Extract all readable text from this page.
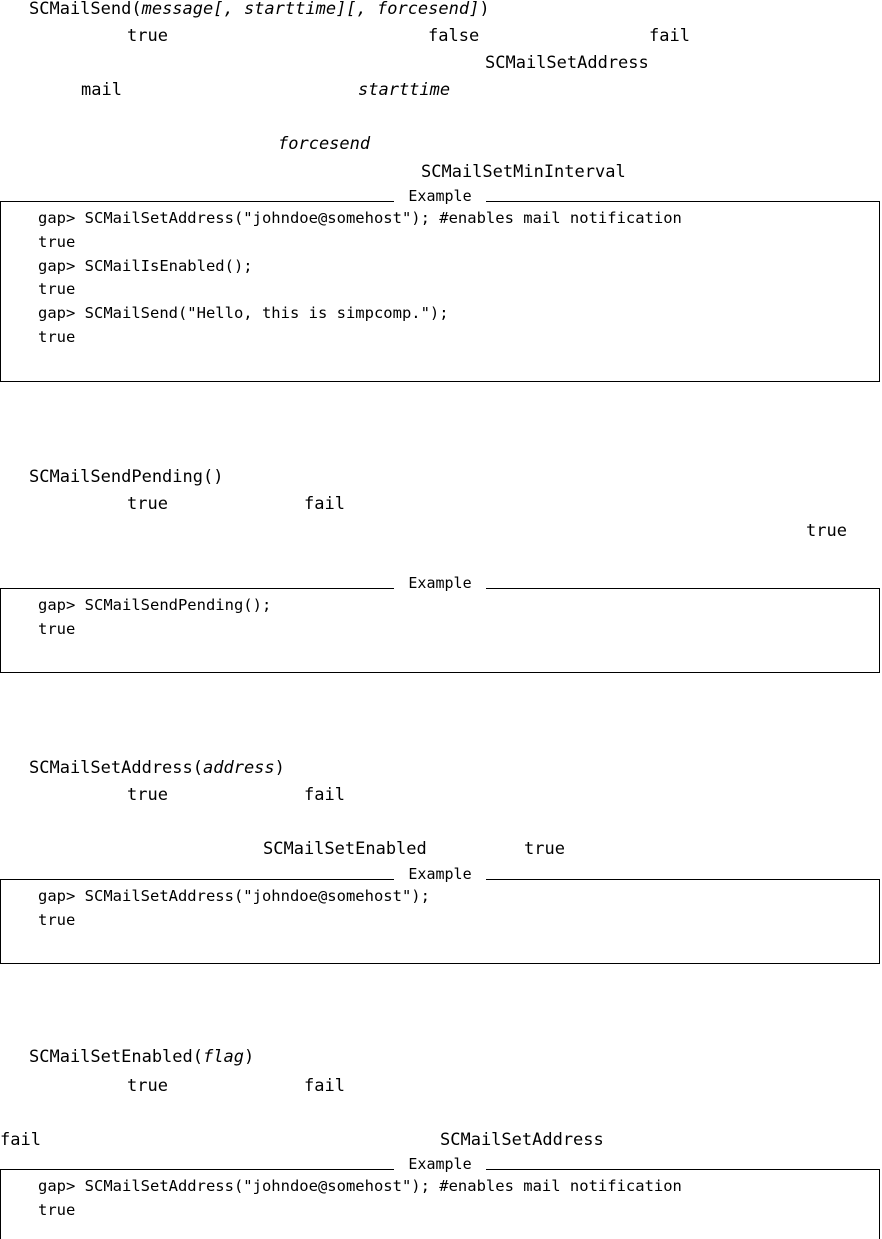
SCMailSend(message[, starttime][, forcesend])
true	false	fail
SCMailSetAddress
mail	starttime
forcesend
SCMailSetMinInterval
gap> SCMailSetAddress("johndoe@somehost"); #enables mail notification
true
gap> SCMailIsEnabled();
true
gap> SCMailSend("Hello, this is simpcomp.");
true
Example
SCMailSendPending()
true	fail
true
gap> SCMailSendPending();
true
Example
SCMailSetAddress(address)
true	fail
SCMailSetEnabled	true
gap> SCMailSetAddress("johndoe@somehost");
true
Example
SCMailSetEnabled(flag)
true	fail
fail	SCMailSetAddress
gap> SCMailSetAddress("johndoe@somehost"); #enables mail notification
true
Example
